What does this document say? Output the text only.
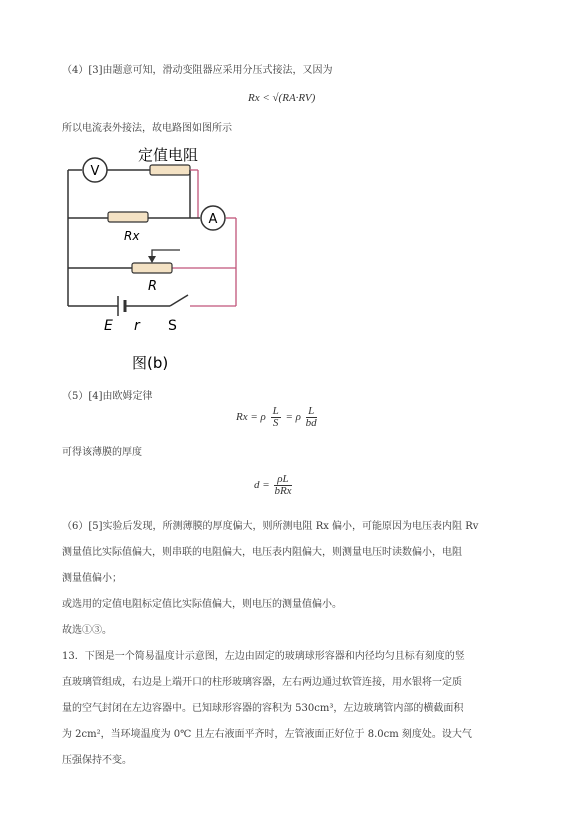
（4）[3]由题意可知，滑动变阻器应采用分压式接法，又因为
Rx < √(RA·RV)
所以电流表外接法，故电路图如图所示
V
A
Rx
R
E r S
定值电阻
图(b)
（5）[4]由欧姆定律
Rx = ρ $\frac{L}{S} = \rho \frac{L}{bd}$
可得该薄膜的厚度
$d = \frac{\rho L}{\text{bRx}}$
（6）[5]实验后发现，所测薄膜的厚度偏大，则所测电阻 Rx 偏小，可能原因为电压表内阻 Rv
测量值比实际值偏大，则串联的电阻偏大，电压表内阻偏大，则测量电压时读数偏小，电阻
测量值偏小；
或选用的定值电阻标定值比实际值偏大，则电压的测量值偏小。
故选①③。
13．下图是一个简易温度计示意图，左边由固定的玻璃球形容器和内径均匀且标有刻度的竖
直玻璃管组成，右边是上端开口的柱形玻璃容器，左右两边通过软管连接，用水银将一定质
量的空气封闭在左边容器中。已知球形容器的容积为 530cm³，左边玻璃管内部的横截面积
为 2cm²，当环境温度为 0℃ 且左右液面平齐时，左管液面正好位于 8.0cm 刻度处。设大气
压强保持不变。
